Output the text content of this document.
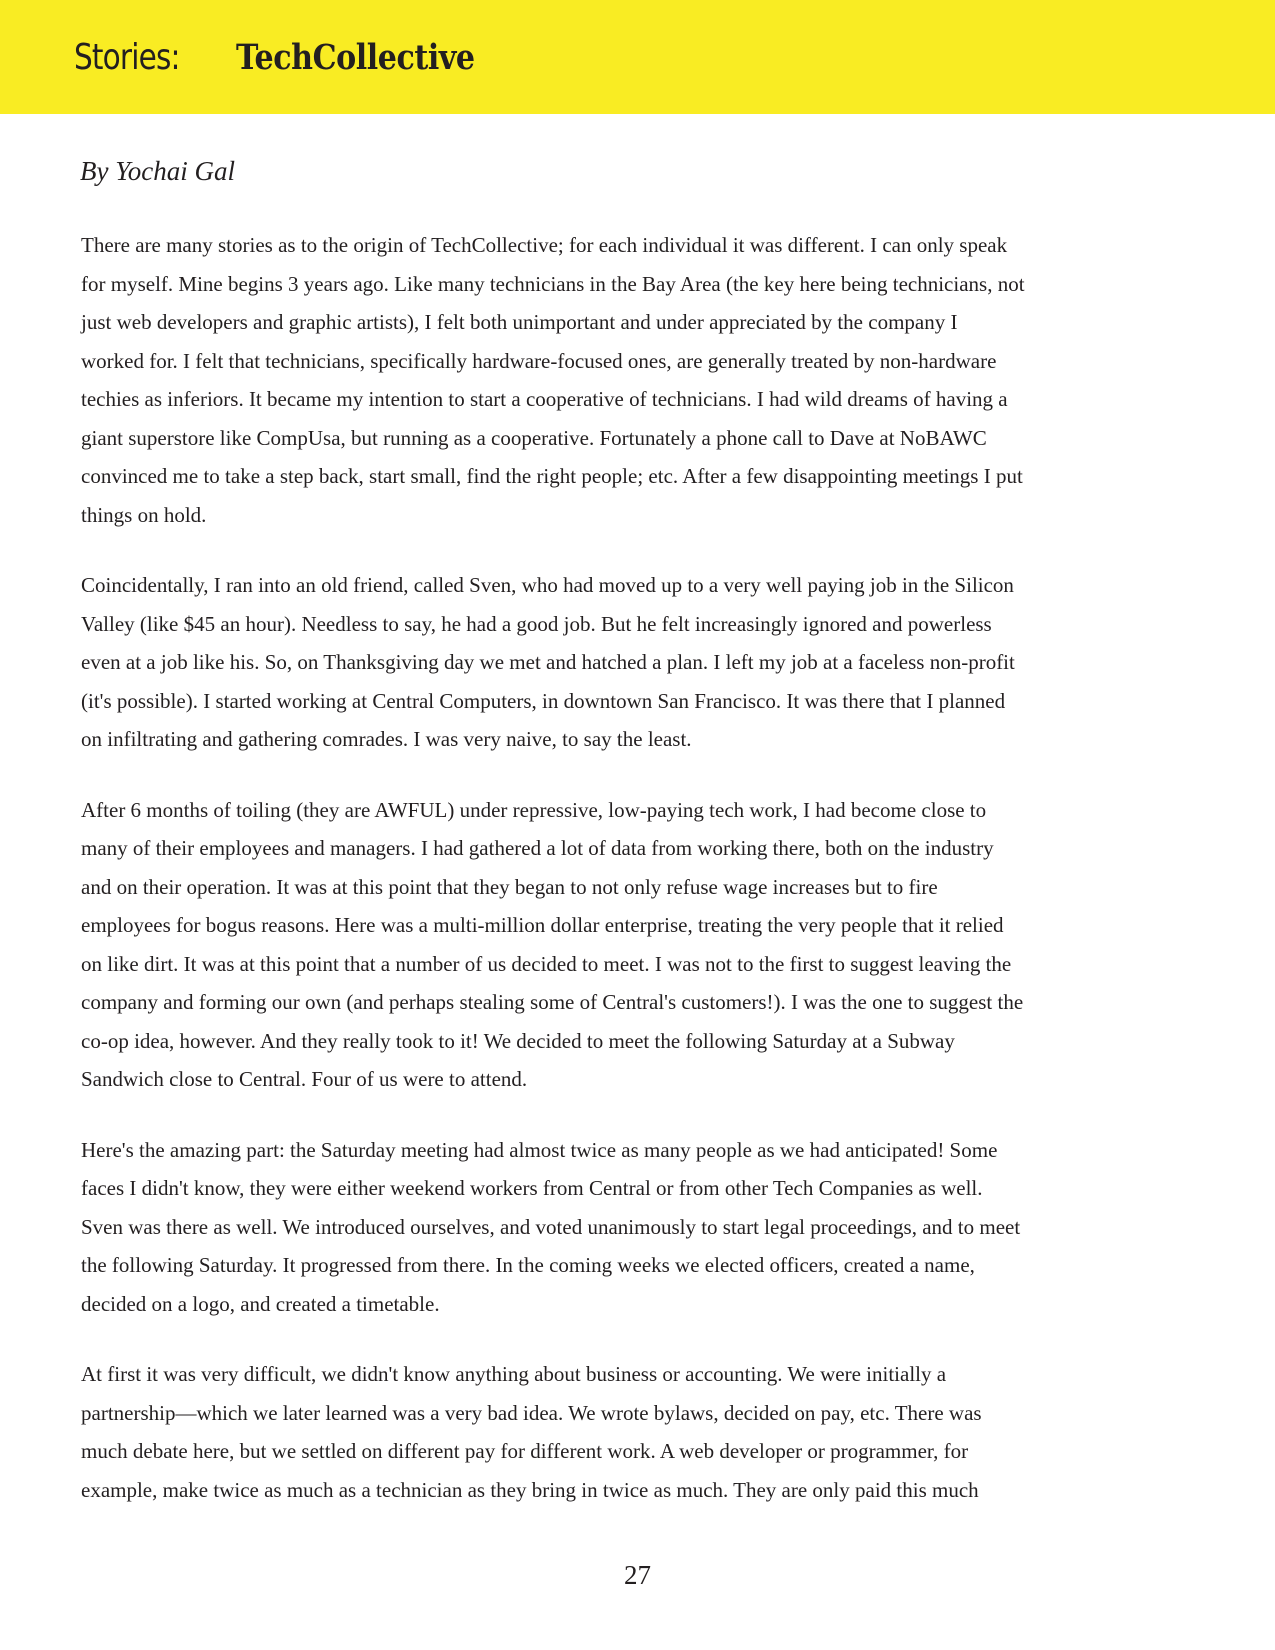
Stories: TechCollective
By Yochai Gal
There are many stories as to the origin of TechCollective; for each individual it was different. I can only speak
for myself. Mine begins 3 years ago. Like many technicians in the Bay Area (the key here being technicians, not
just web developers and graphic artists), I felt both unimportant and under appreciated by the company I
worked for. I felt that technicians, specifically hardware-focused ones, are generally treated by non-hardware
techies as inferiors. It became my intention to start a cooperative of technicians. I had wild dreams of having a
giant superstore like CompUsa, but running as a cooperative. Fortunately a phone call to Dave at NoBAWC
convinced me to take a step back, start small, find the right people; etc. After a few disappointing meetings I put
things on hold.
Coincidentally, I ran into an old friend, called Sven, who had moved up to a very well paying job in the Silicon
Valley (like $45 an hour). Needless to say, he had a good job. But he felt increasingly ignored and powerless
even at a job like his. So, on Thanksgiving day we met and hatched a plan. I left my job at a faceless non-profit
(it's possible). I started working at Central Computers, in downtown San Francisco. It was there that I planned
on infiltrating and gathering comrades. I was very naive, to say the least.
After 6 months of toiling (they are AWFUL) under repressive, low-paying tech work, I had become close to
many of their employees and managers. I had gathered a lot of data from working there, both on the industry
and on their operation. It was at this point that they began to not only refuse wage increases but to fire
employees for bogus reasons. Here was a multi-million dollar enterprise, treating the very people that it relied
on like dirt. It was at this point that a number of us decided to meet. I was not to the first to suggest leaving the
company and forming our own (and perhaps stealing some of Central's customers!). I was the one to suggest the
co-op idea, however. And they really took to it! We decided to meet the following Saturday at a Subway
Sandwich close to Central. Four of us were to attend.
Here's the amazing part: the Saturday meeting had almost twice as many people as we had anticipated! Some
faces I didn't know, they were either weekend workers from Central or from other Tech Companies as well.
Sven was there as well. We introduced ourselves, and voted unanimously to start legal proceedings, and to meet
the following Saturday. It progressed from there. In the coming weeks we elected officers, created a name,
decided on a logo, and created a timetable.
At first it was very difficult, we didn't know anything about business or accounting. We were initially a
partnership—which we later learned was a very bad idea. We wrote bylaws, decided on pay, etc. There was
much debate here, but we settled on different pay for different work. A web developer or programmer, for
example, make twice as much as a technician as they bring in twice as much. They are only paid this much
27
